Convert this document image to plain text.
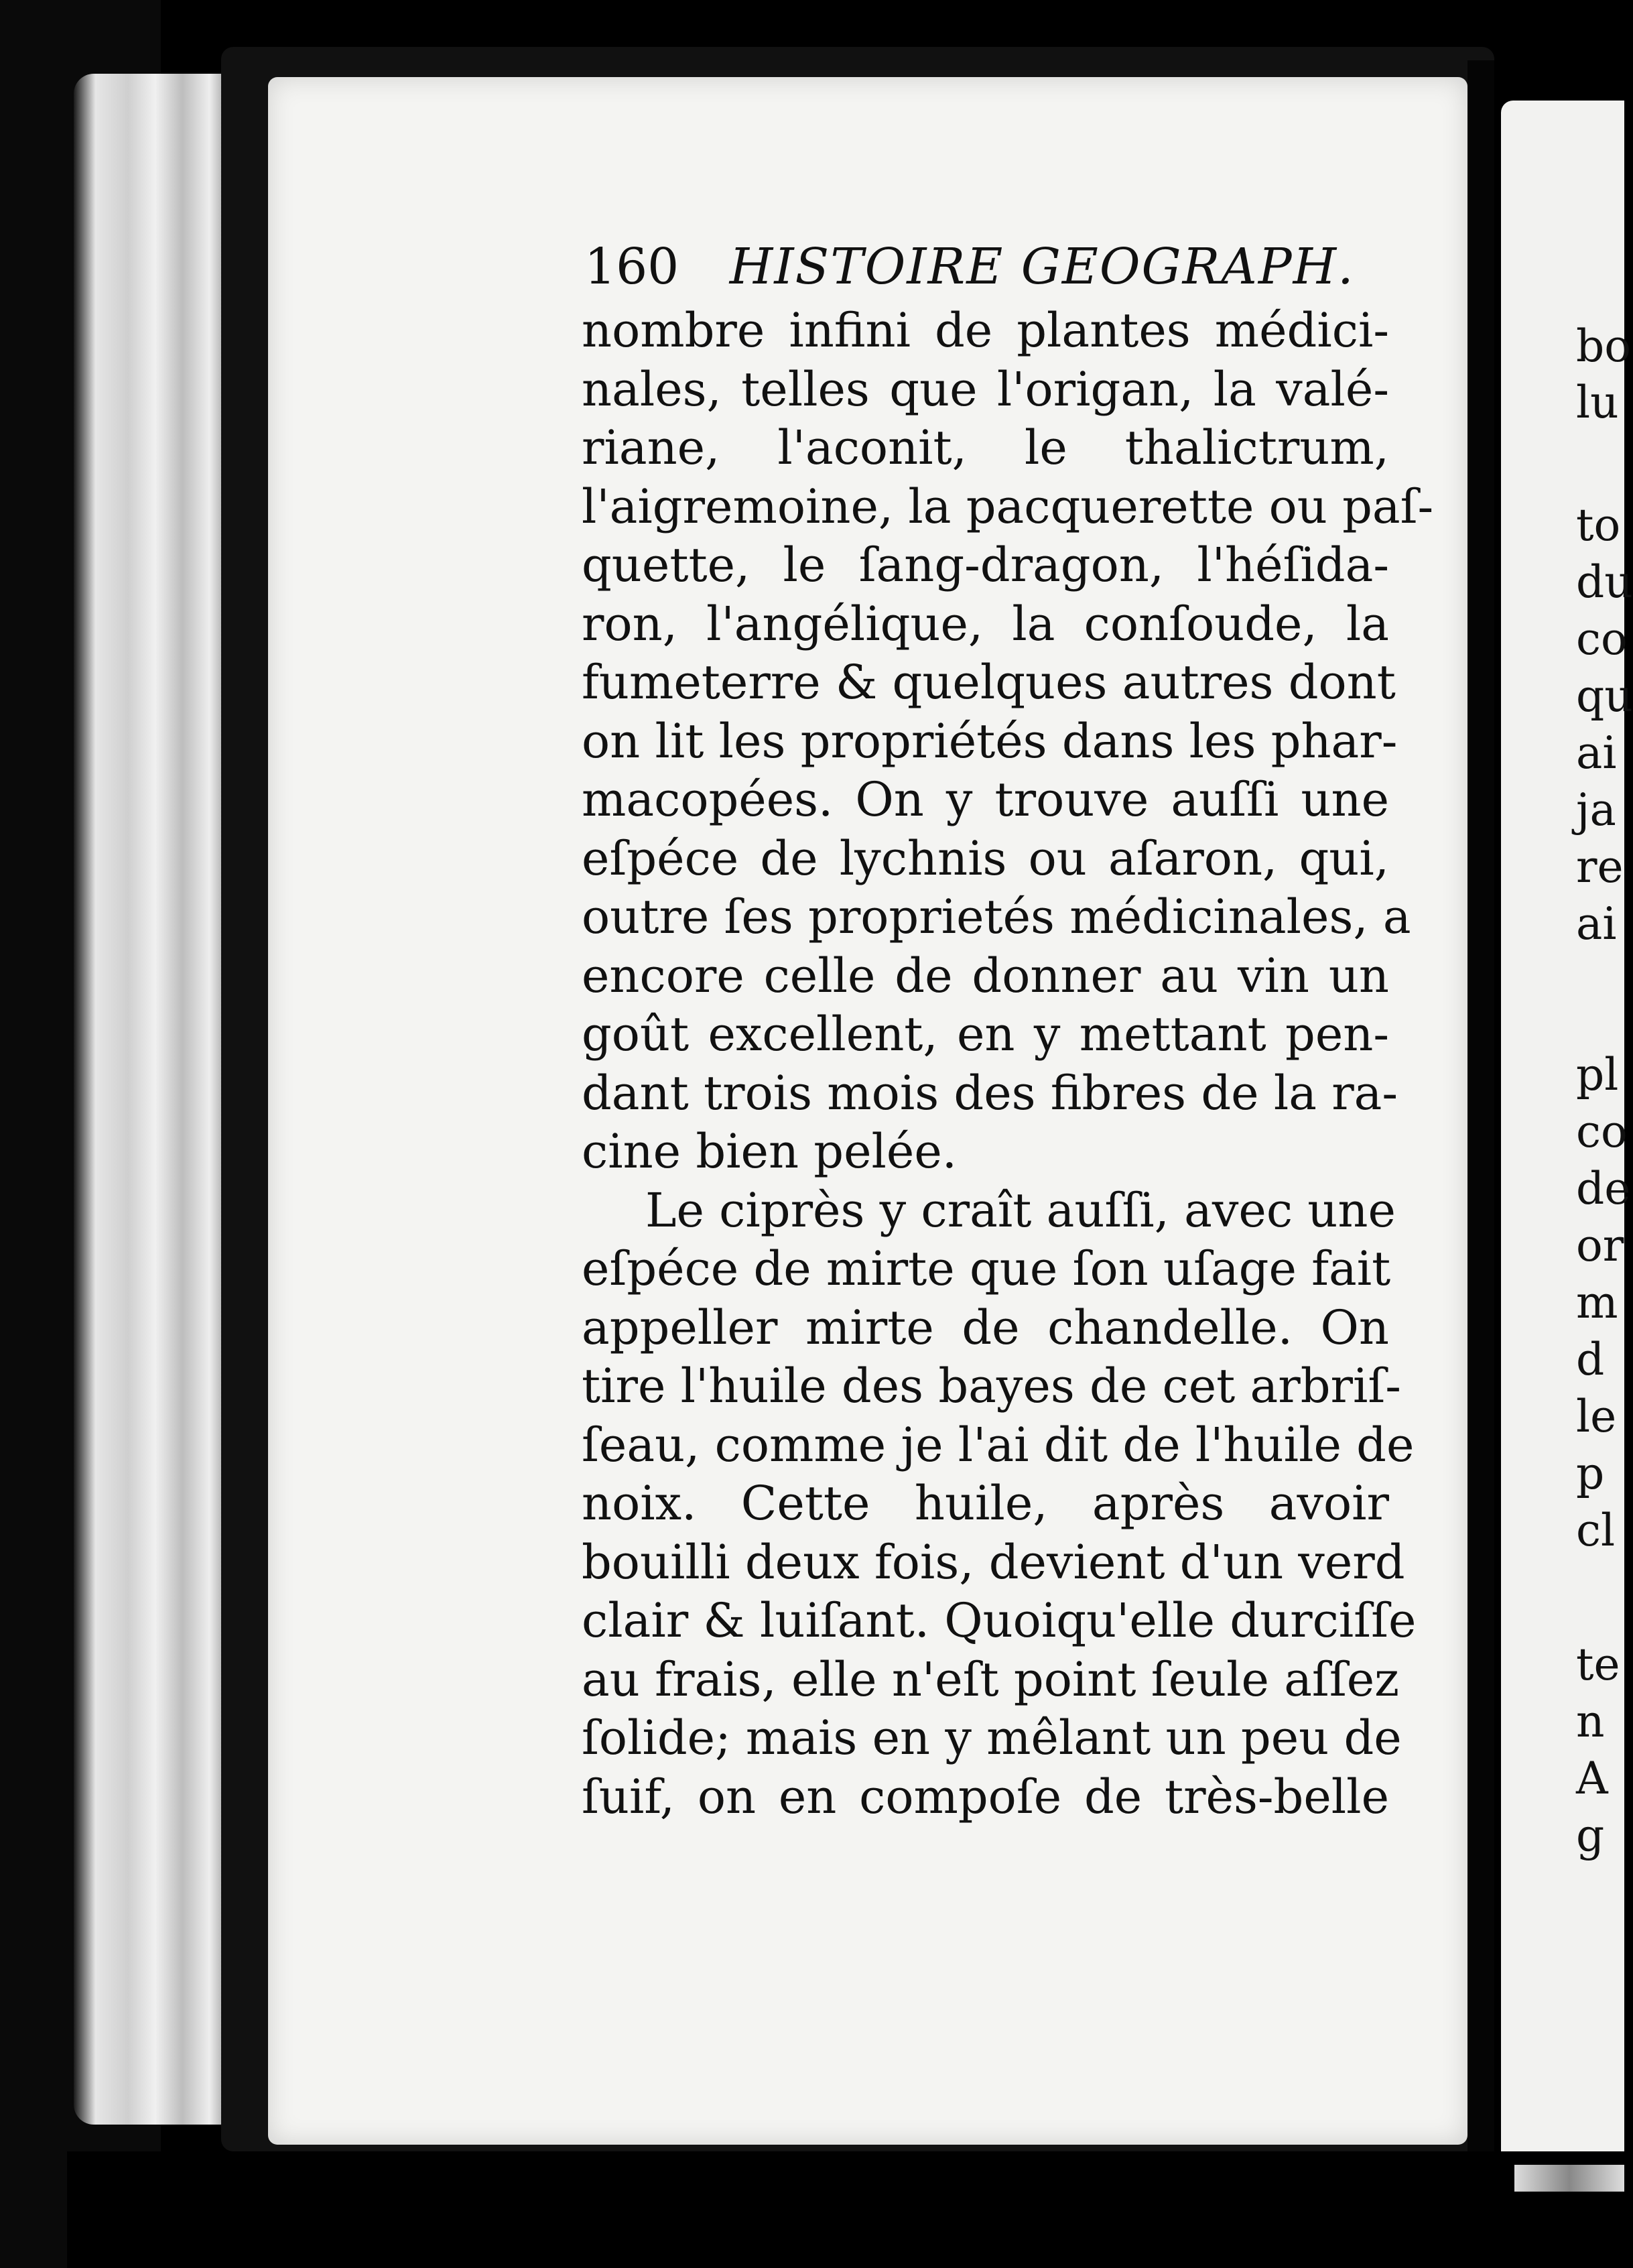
160 HISTOIRE GEOGRAPH.
nombre infini de plantes médici-
nales, telles que l'origan, la valé-
riane, l'aconit, le thalictrum,
l'aigremoine, la pacquerette ou paſ-
quette, le ſang-dragon, l'héſida-
ron, l'angélique, la conſoude, la
fumeterre & quelques autres dont
on lit les propriétés dans les phar-
macopées. On y trouve auſſi une
eſpéce de lychnis ou aſaron, qui,
outre ſes proprietés médicinales, a
encore celle de donner au vin un
goût excellent, en y mettant pen-
dant trois mois des fibres de la ra-
cine bien pelée.
Le ciprès y craît auſſi, avec une
eſpéce de mirte que ſon uſage fait
appeller mirte de chandelle. On
tire l'huile des bayes de cet arbriſ-
ſeau, comme je l'ai dit de l'huile de
noix. Cette huile, après avoir
bouilli deux fois, devient d'un verd
clair & luiſant. Quoiqu'elle durciſſe
au frais, elle n'eſt point ſeule aſſez
ſolide; mais en y mêlant un peu de
ſuif, on en compoſe de très-belle
bo
lu
to
du
co
qu
ai
ja
re
ai
pl
co
de
or
m
d
le
p
cl
te
n
A
g
